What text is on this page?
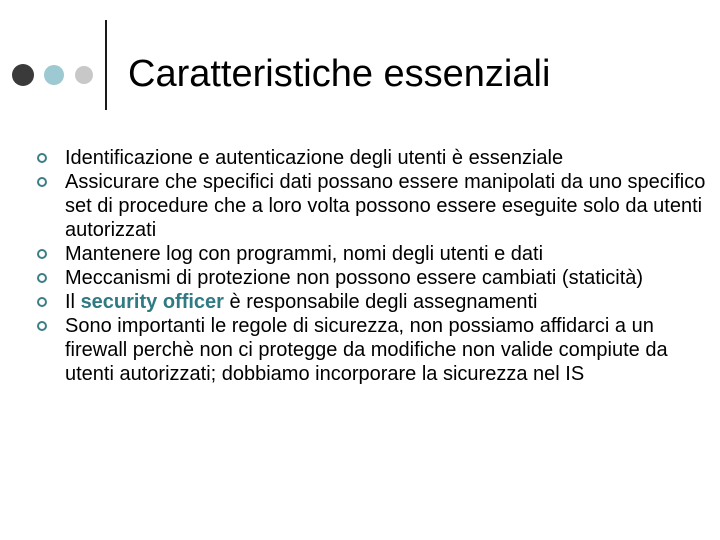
Caratteristiche essenziali
Identificazione e autenticazione degli utenti è essenziale
Assicurare che specifici dati possano essere manipolati da uno specifico set di procedure che a loro volta possono essere eseguite solo da utenti autorizzati
Mantenere log con programmi, nomi degli utenti e dati
Meccanismi di protezione non possono essere cambiati (staticità)
Il security officer è responsabile degli assegnamenti
Sono importanti le regole di sicurezza, non possiamo affidarci a un firewall perchè non ci protegge da modifiche non valide compiute da utenti autorizzati; dobbiamo incorporare la sicurezza nel IS
